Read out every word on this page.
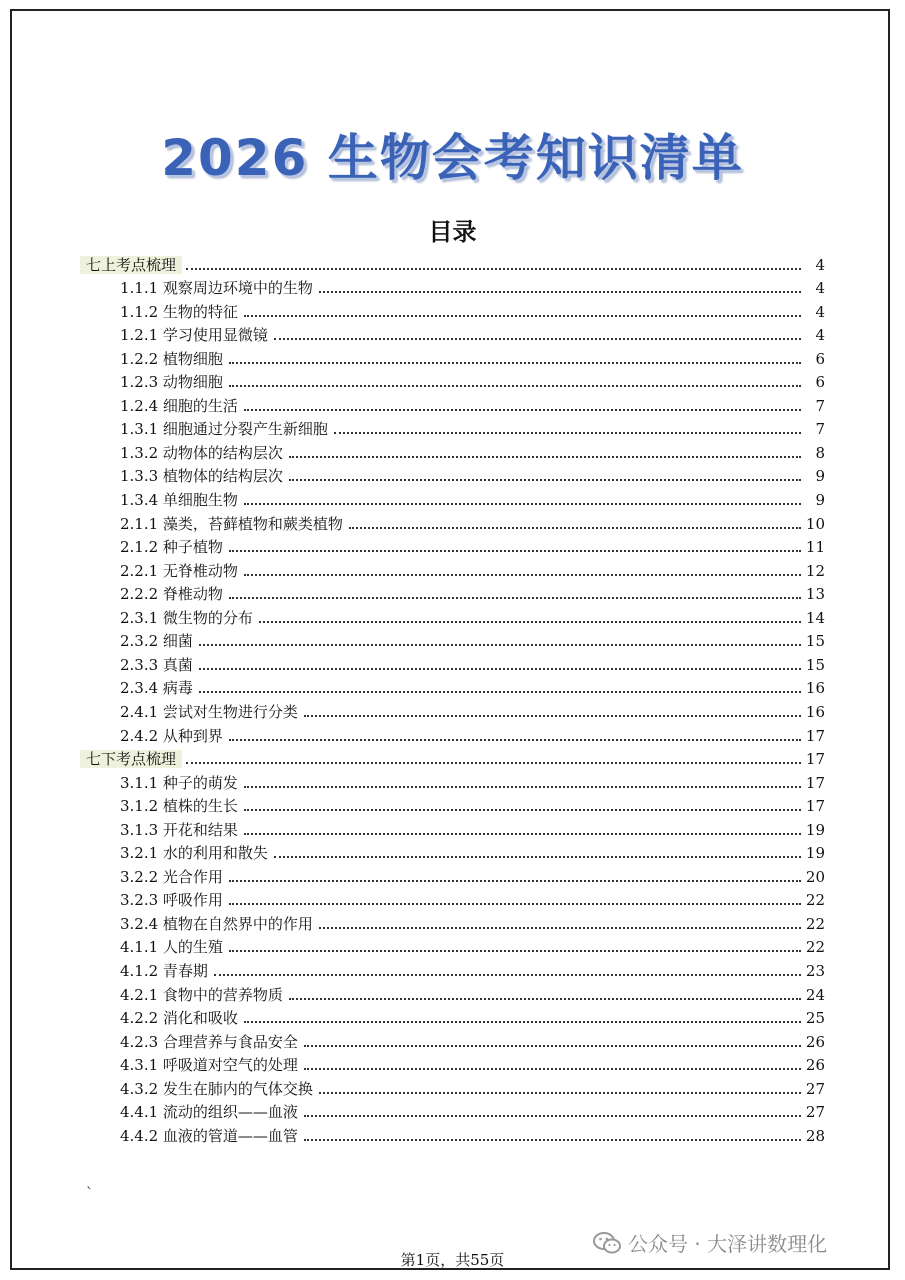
2026 生物会考知识清单
目录
七上考点梳理	4
1.1.1 观察周边环境中的生物	4
1.1.2 生物的特征	4
1.2.1 学习使用显微镜	4
1.2.2 植物细胞	6
1.2.3 动物细胞	6
1.2.4 细胞的生活	7
1.3.1 细胞通过分裂产生新细胞	7
1.3.2 动物体的结构层次	8
1.3.3 植物体的结构层次	9
1.3.4 单细胞生物	9
2.1.1 藻类，苔藓植物和蕨类植物	10
2.1.2 种子植物	11
2.2.1 无脊椎动物	12
2.2.2 脊椎动物	13
2.3.1 微生物的分布	14
2.3.2 细菌	15
2.3.3 真菌	15
2.3.4 病毒	16
2.4.1 尝试对生物进行分类	16
2.4.2 从种到界	17
七下考点梳理	17
3.1.1 种子的萌发	17
3.1.2 植株的生长	17
3.1.3 开花和结果	19
3.2.1 水的利用和散失	19
3.2.2 光合作用	20
3.2.3 呼吸作用	22
3.2.4 植物在自然界中的作用	22
4.1.1 人的生殖	22
4.1.2 青春期	23
4.2.1 食物中的营养物质	24
4.2.2 消化和吸收	25
4.2.3 合理营养与食品安全	26
4.3.1 呼吸道对空气的处理	26
4.3.2 发生在肺内的气体交换	27
4.4.1 流动的组织——血液	27
4.4.2 血液的管道——血管	28
`
公众号 · 大泽讲数理化
第1页，共55页
